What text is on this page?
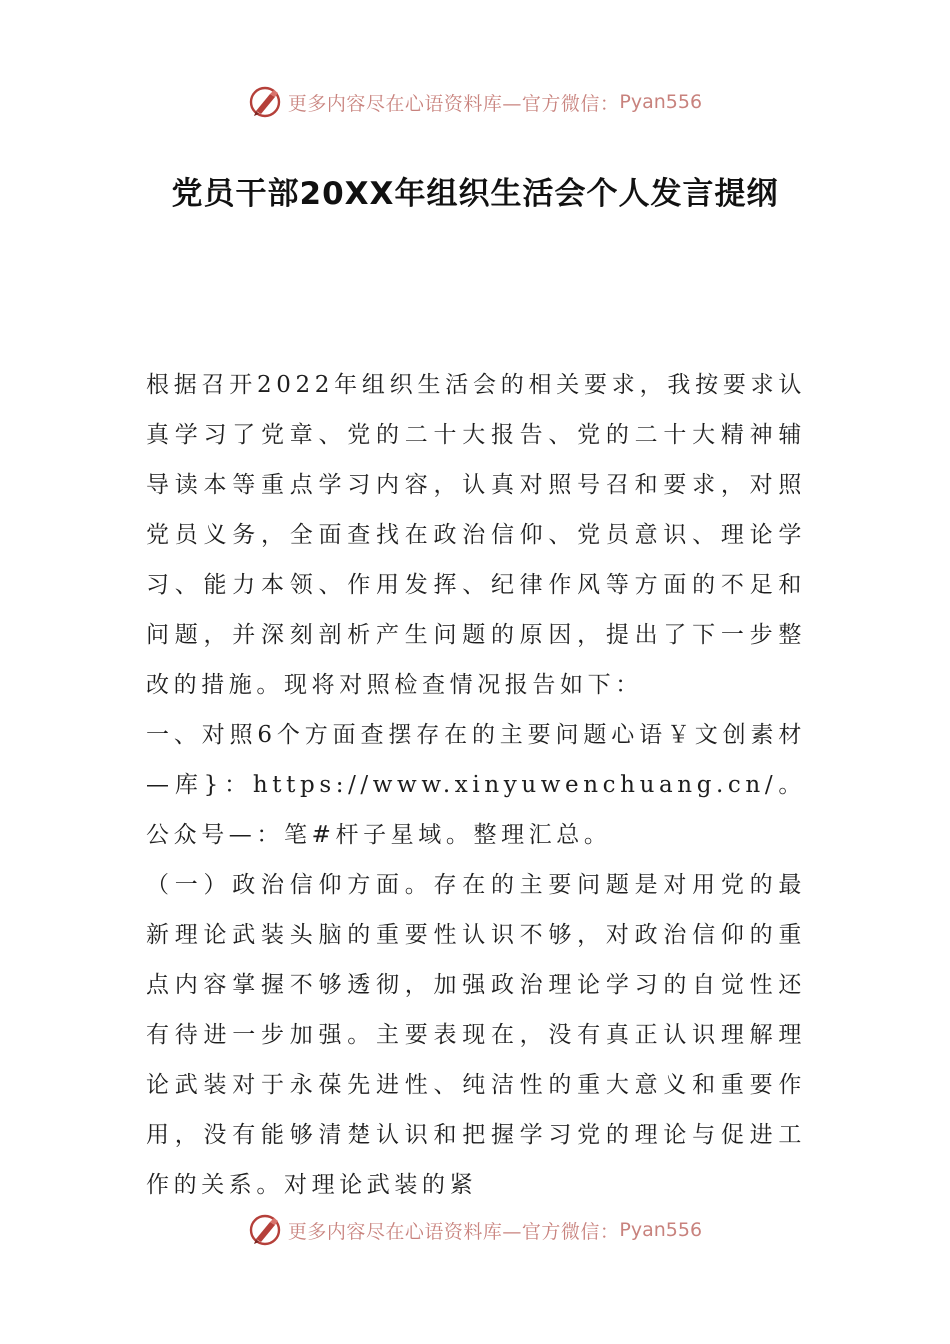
更多内容尽在心语资料库—官方微信： Pyan556
党员干部20XX年组织生活会个人发言提纲

根据召开2022年组织生活会的相关要求，我按要求认真学习了党章、党的二十大报告、党的二十大精神辅导读本等重点学习内容，认真对照号召和要求，对照党员义务，全面查找在政治信仰、党员意识、理论学习、能力本领、作用发挥、纪律作风等方面的不足和问题，并深刻剖析产生问题的原因，提出了下一步整改的措施。现将对照检查情况报告如下：

一、对照6个方面查摆存在的主要问题心语￥文创素材—库}：https://www.xinyuwenchuang.cn/。公众号—：笔#杆子星域。整理汇总。

（一）政治信仰方面。存在的主要问题是对用党的最新理论武装头脑的重要性认识不够，对政治信仰的重点内容掌握不够透彻，加强政治理论学习的自觉性还有待进一步加强。主要表现在，没有真正认识理解理论武装对于永葆先进性、纯洁性的重大意义和重要作用，没有能够清楚认识和把握学习党的理论与促进工作的关系。对理论武装的紧

更多内容尽在心语资料库—官方微信： Pyan556
